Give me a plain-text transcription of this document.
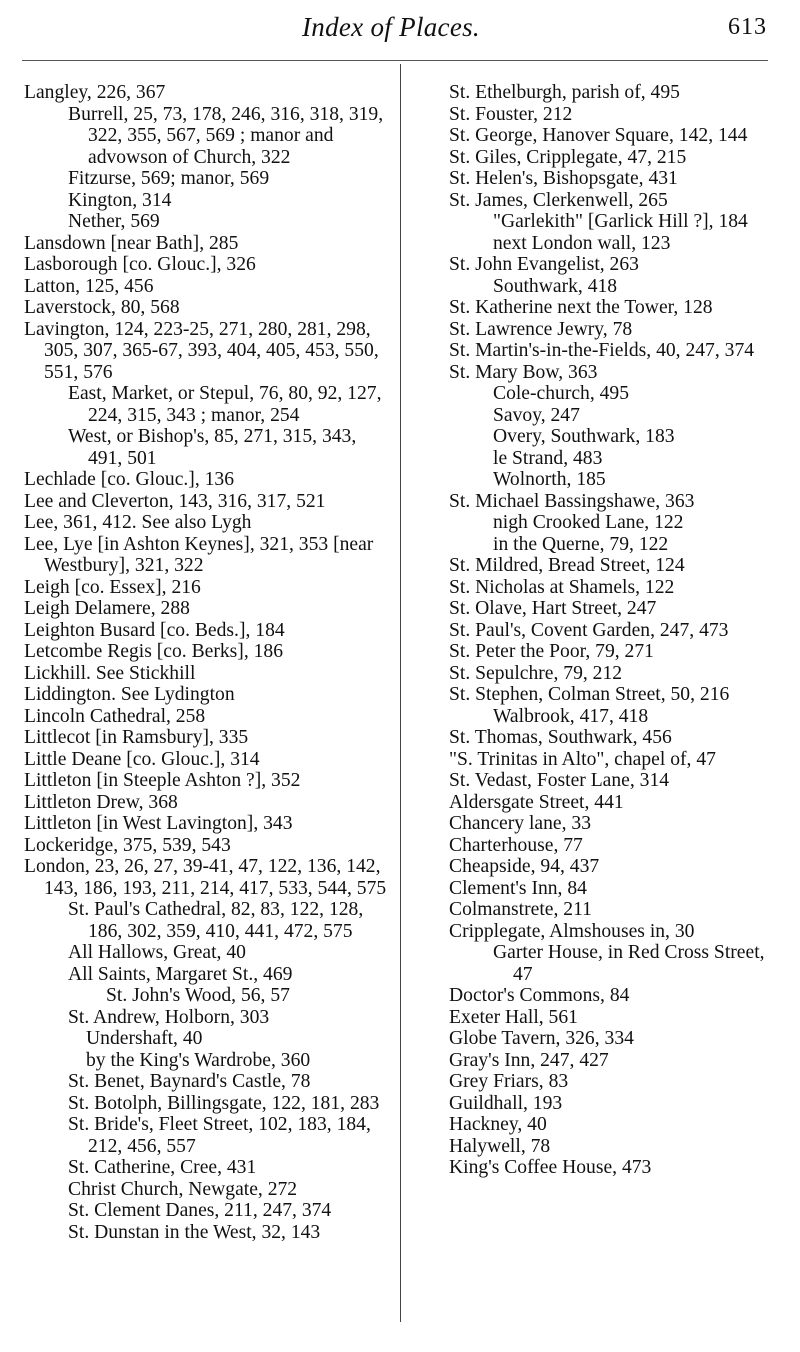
Index of Places.	613

Langley, 226, 367

Burrell, 25, 73, 178, 246, 316, 318, 319, 322, 355, 567, 569 ; manor and advowson of Church, 322

Fitzurse, 569; manor, 569

Kington, 314

Nether, 569

Lansdown [near Bath], 285

Lasborough [co. Glouc.], 326

Latton, 125, 456

Laverstock, 80, 568

Lavington, 124, 223-25, 271, 280, 281, 298, 305, 307, 365-67, 393, 404, 405, 453, 550, 551, 576

East, Market, or Stepul, 76, 80, 92, 127, 224, 315, 343 ; manor, 254

West, or Bishop's, 85, 271, 315, 343, 491, 501

Lechlade [co. Glouc.], 136

Lee and Cleverton, 143, 316, 317, 521

Lee, 361, 412. See also Lygh

Lee, Lye [in Ashton Keynes], 321, 353 [near Westbury], 321, 322

Leigh [co. Essex], 216

Leigh Delamere, 288

Leighton Busard [co. Beds.], 184

Letcombe Regis [co. Berks], 186

Lickhill. See Stickhill

Liddington. See Lydington

Lincoln Cathedral, 258

Littlecot [in Ramsbury], 335

Little Deane [co. Glouc.], 314

Littleton [in Steeple Ashton ?], 352

Littleton Drew, 368

Littleton [in West Lavington], 343

Lockeridge, 375, 539, 543

London, 23, 26, 27, 39-41, 47, 122, 136, 142, 143, 186, 193, 211, 214, 417, 533, 544, 575

St. Paul's Cathedral, 82, 83, 122, 128, 186, 302, 359, 410, 441, 472, 575

All Hallows, Great, 40

All Saints, Margaret St., 469

St. John's Wood, 56, 57

St. Andrew, Holborn, 303

Undershaft, 40

by the King's Wardrobe, 360

St. Benet, Baynard's Castle, 78

St. Botolph, Billingsgate, 122, 181, 283

St. Bride's, Fleet Street, 102, 183, 184, 212, 456, 557

St. Catherine, Cree, 431

Christ Church, Newgate, 272

St. Clement Danes, 211, 247, 374

St. Dunstan in the West, 32, 143

St. Ethelburgh, parish of, 495

St. Fouster, 212

St. George, Hanover Square, 142, 144

St. Giles, Cripplegate, 47, 215

St. Helen's, Bishopsgate, 431

St. James, Clerkenwell, 265

"Garlekith" [Garlick Hill ?], 184

next London wall, 123

St. John Evangelist, 263

Southwark, 418

St. Katherine next the Tower, 128

St. Lawrence Jewry, 78

St. Martin's-in-the-Fields, 40, 247, 374

St. Mary Bow, 363

Cole-church, 495

Savoy, 247

Overy, Southwark, 183

le Strand, 483

Wolnorth, 185

St. Michael Bassingshawe, 363

nigh Crooked Lane, 122

in the Querne, 79, 122

St. Mildred, Bread Street, 124

St. Nicholas at Shamels, 122

St. Olave, Hart Street, 247

St. Paul's, Covent Garden, 247, 473

St. Peter the Poor, 79, 271

St. Sepulchre, 79, 212

St. Stephen, Colman Street, 50, 216

Walbrook, 417, 418

St. Thomas, Southwark, 456

"S. Trinitas in Alto", chapel of, 47

St. Vedast, Foster Lane, 314

Aldersgate Street, 441

Chancery lane, 33

Charterhouse, 77

Cheapside, 94, 437

Clement's Inn, 84

Colmanstrete, 211

Cripplegate, Almshouses in, 30

Garter House, in Red Cross Street, 47

Doctor's Commons, 84

Exeter Hall, 561

Globe Tavern, 326, 334

Gray's Inn, 247, 427

Grey Friars, 83

Guildhall, 193

Hackney, 40

Halywell, 78

King's Coffee House, 473
